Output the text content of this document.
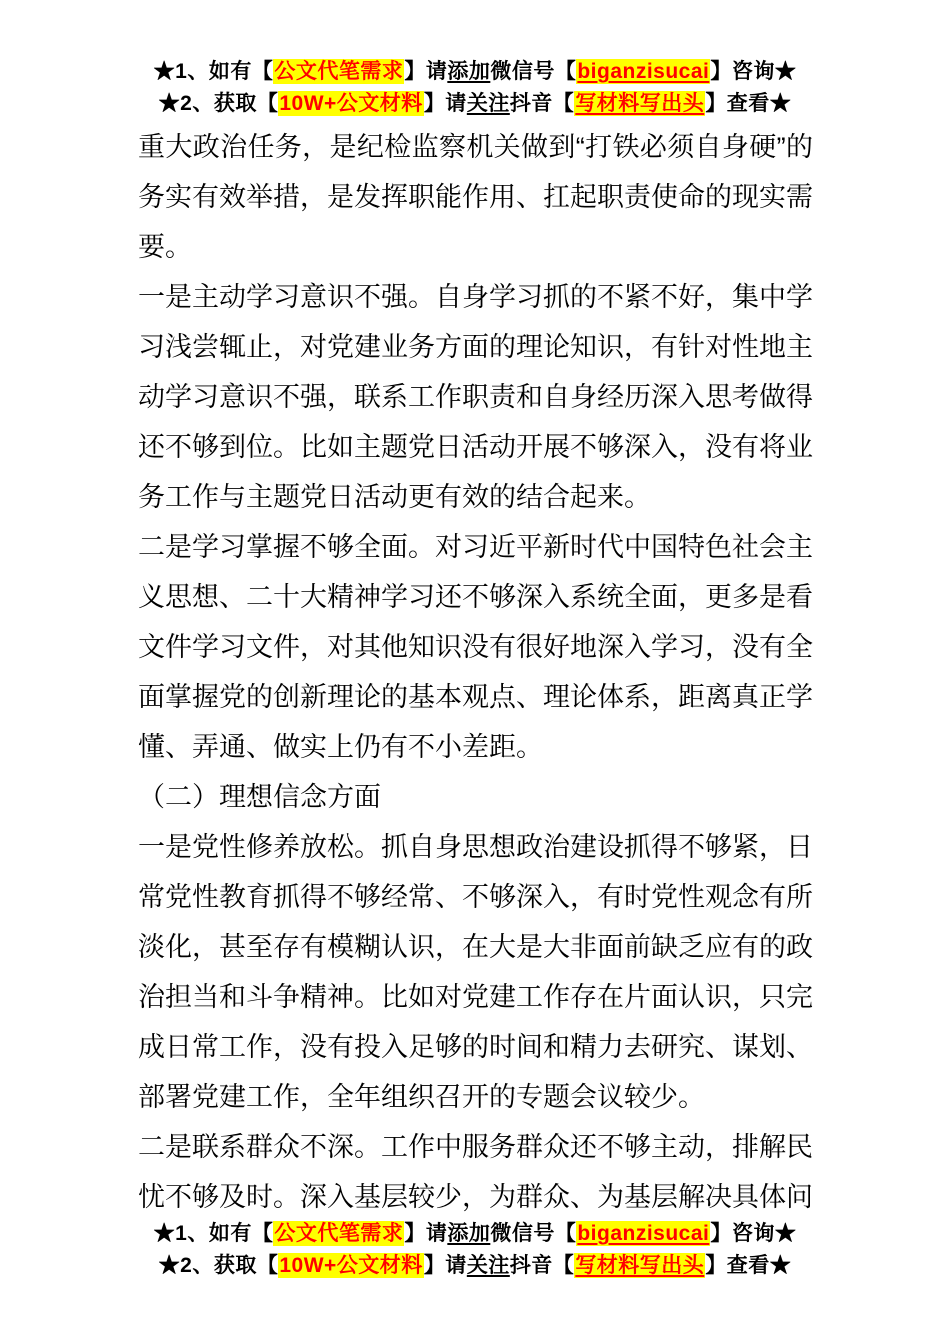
★1、如有【公文代笔需求】请添加微信号【biganzisucai】咨询★
★2、获取【10W+公文材料】请关注抖音【写材料写出头】查看★

重大政治任务，是纪检监察机关做到“打铁必须自身硬”的务实有效举措，是发挥职能作用、扛起职责使命的现实需要。

一是主动学习意识不强。自身学习抓的不紧不好，集中学习浅尝辄止，对党建业务方面的理论知识，有针对性地主动学习意识不强，联系工作职责和自身经历深入思考做得还不够到位。比如主题党日活动开展不够深入，没有将业务工作与主题党日活动更有效的结合起来。

二是学习掌握不够全面。对习近平新时代中国特色社会主义思想、二十大精神学习还不够深入系统全面，更多是看文件学习文件，对其他知识没有很好地深入学习，没有全面掌握党的创新理论的基本观点、理论体系，距离真正学懂、弄通、做实上仍有不小差距。

（二）理想信念方面

一是党性修养放松。抓自身思想政治建设抓得不够紧，日常党性教育抓得不够经常、不够深入，有时党性观念有所淡化，甚至存有模糊认识，在大是大非面前缺乏应有的政治担当和斗争精神。比如对党建工作存在片面认识，只完成日常工作，没有投入足够的时间和精力去研究、谋划、部署党建工作，全年组织召开的专题会议较少。

二是联系群众不深。工作中服务群众还不够主动，排解民忧不够及时。深入基层较少，为群众、为基层解决具体问

★1、如有【公文代笔需求】请添加微信号【biganzisucai】咨询★
★2、获取【10W+公文材料】请关注抖音【写材料写出头】查看★
